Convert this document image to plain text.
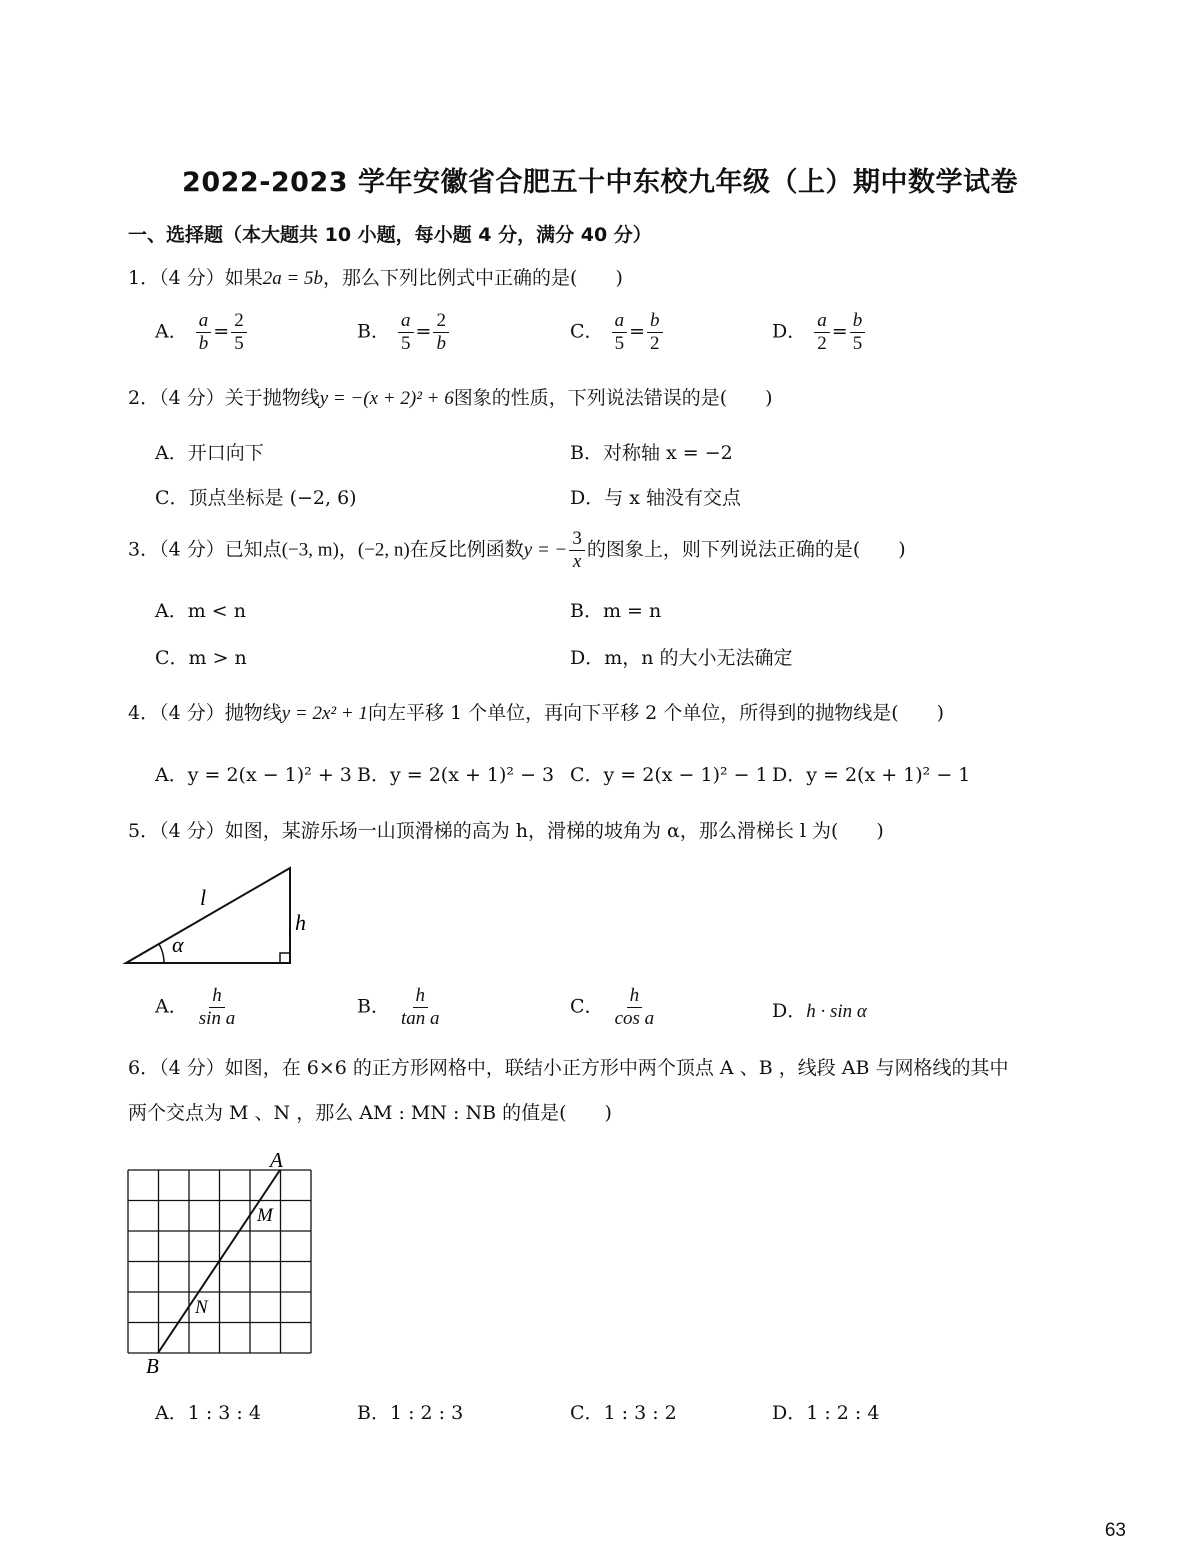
2022-2023 学年安徽省合肥五十中东校九年级（上）期中数学试卷
一、选择题（本大题共 10 小题，每小题 4 分，满分 40 分）
1．（4 分）如果2a = 5b，那么下列比例式中正确的是(　　)
A． $\frac{a}{b} = \frac{2}{5}$	B． $\frac{a}{5} = \frac{2}{b}$	C． $\frac{a}{5} = \frac{b}{2}$	D． $\frac{a}{2} = \frac{b}{5}$
2．（4 分）关于抛物线y = −(x + 2)² + 6图象的性质，下列说法错误的是(　　)
A．开口向下	B．对称轴 x = −2
C．顶点坐标是 (−2, 6)	D．与 x 轴没有交点
3．（4 分）已知点(−3, m)，(−2, n)在反比例函数y = − $\frac{3}{x}$ 的图象上，则下列说法正确的是(　　)
A．m < n	B．m = n
C．m > n	D．m，n 的大小无法确定
4．（4 分）抛物线y = 2x² + 1向左平移 1 个单位，再向下平移 2 个单位，所得到的抛物线是(　　)
A．y = 2(x − 1)² + 3 B．y = 2(x + 1)² − 3 C．y = 2(x − 1)² − 1 D．y = 2(x + 1)² − 1
5．（4 分）如图，某游乐场一山顶滑梯的高为 h，滑梯的坡角为 α，那么滑梯长 l 为(　　)
l
h
α
A． $\frac{h}{\text{sin a}}$	B． $\frac{h}{\text{tan a}}$	C． $\frac{h}{\text{cos a}}$	D．h · sin α
6．（4 分）如图，在 6×6 的正方形网格中，联结小正方形中两个顶点 A 、B ，线段 AB 与网格线的其中
两个交点为 M 、N ，那么 AM : MN : NB 的值是(　　)
A
M
N
B
A．1 : 3 : 4	B．1 : 2 : 3	C．1 : 3 : 2	D．1 : 2 : 4
63
